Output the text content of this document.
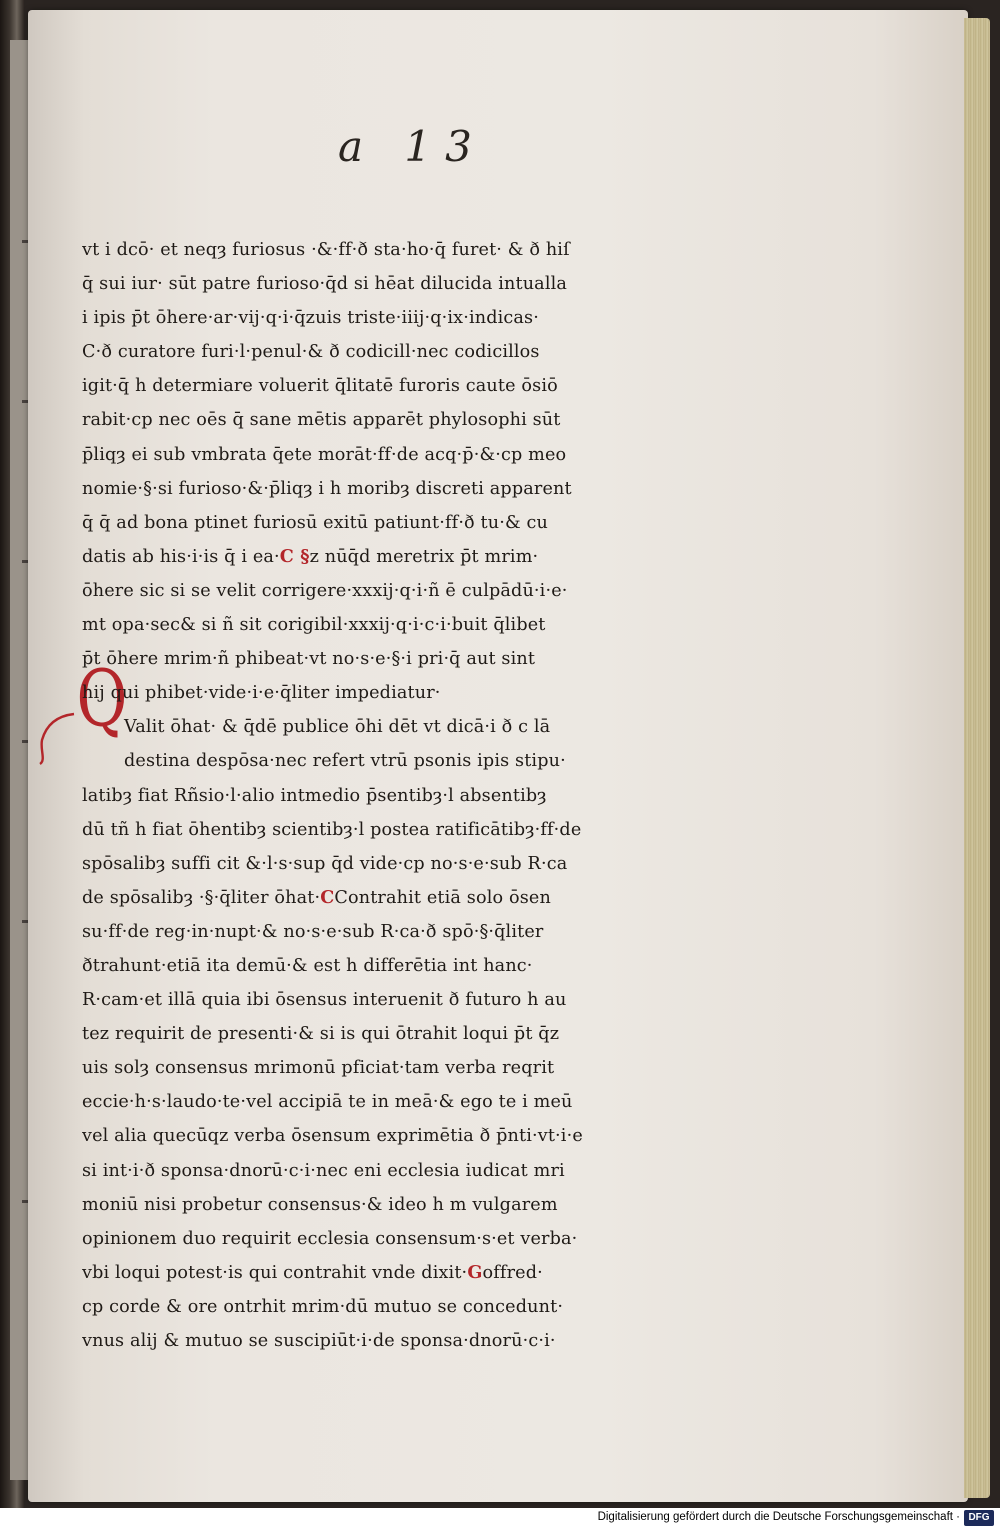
a 13
Q
vt i dcō· et neqȝ furiosus ·&·ff·ð sta·ho·q̄ furet· & ð hiſ
q̄ sui iur· sūt patre furioso·q̄d si hēat dilucida intualla
i ipis p̄t ōhere·ar·vij·q·i·q̄zuis triste·iiij·q·ix·indicas·
C·ð curatore furi·l·penul·& ð codicill·nec codicillos
igit·q̄ h determiare voluerit q̄litatē furoris caute ōsiō
rabit·cp nec oēs q̄ sane mētis apparēt phylosophi sūt
p̄liqȝ ei sub vmbrata q̄ete morāt·ff·de acq·p̄·&·cp meo
nomie·§·si furioso·&·p̄liqȝ i h moribȝ discreti apparent
q̄ q̄ ad bona ptinet furiosū exitū patiunt·ff·ð tu·& cu
datis ab his·i·is q̄ i ea·C §z nūq̄d meretrix p̄t mrim·
ōhere sic si se velit corrigere·xxxij·q·i·ñ ē culpādū·i·e·
mt opa·sec& si ñ sit corigibil·xxxij·q·i·c·i·buit q̄libet
p̄t ōhere mrim·ñ phibeat·vt no·s·e·§·i pri·q̄ aut sint
hij qui phibet·vide·i·e·q̄liter impediatur·
Valit ōhat· & q̄dē publice ōhi dēt vt dicā·i ð c lā
destina despōsa·nec refert vtrū psonis ipis stipu·
latibȝ fiat Rñsio·l·alio intmedio p̄sentibȝ·l absentibȝ
dū tñ h fiat ōhentibȝ scientibȝ·l postea ratificātibȝ·ff·de
spōsalibȝ suffi cit &·l·s·sup q̄d vide·cp no·s·e·sub R·ca
de spōsalibȝ ·§·q̄liter ōhat·CContrahit etiā solo ōsen
su·ff·de reg·in·nupt·& no·s·e·sub R·ca·ð spō·§·q̄liter
ðtrahunt·etiā ita demū·& est h differētia int hanc·
R·cam·et illā quia ibi ōsensus interuenit ð futuro h au
tez requirit de presenti·& si is qui ōtrahit loqui p̄t q̄z
uis solȝ consensus mrimonū pficiat·tam verba reqrit
eccie·h·s·laudo·te·vel accipiā te in meā·& ego te i meū
vel alia quecūqz verba ōsensum exprimētia ð p̄nti·vt·i·e
si int·i·ð sponsa·dnorū·c·i·nec eni ecclesia iudicat mri
moniū nisi probetur consensus·& ideo h m vulgarem
opinionem duo requirit ecclesia consensum·s·et verba·
vbi loqui potest·is qui contrahit vnde dixit·Goffred·
cp corde & ore ontrhit mrim·dū mutuo se concedunt·
vnus alij & mutuo se suscipiūt·i·de sponsa·dnorū·c·i·
Digitalisierung gefördert durch die Deutsche Forschungsgemeinschaft · DFG
